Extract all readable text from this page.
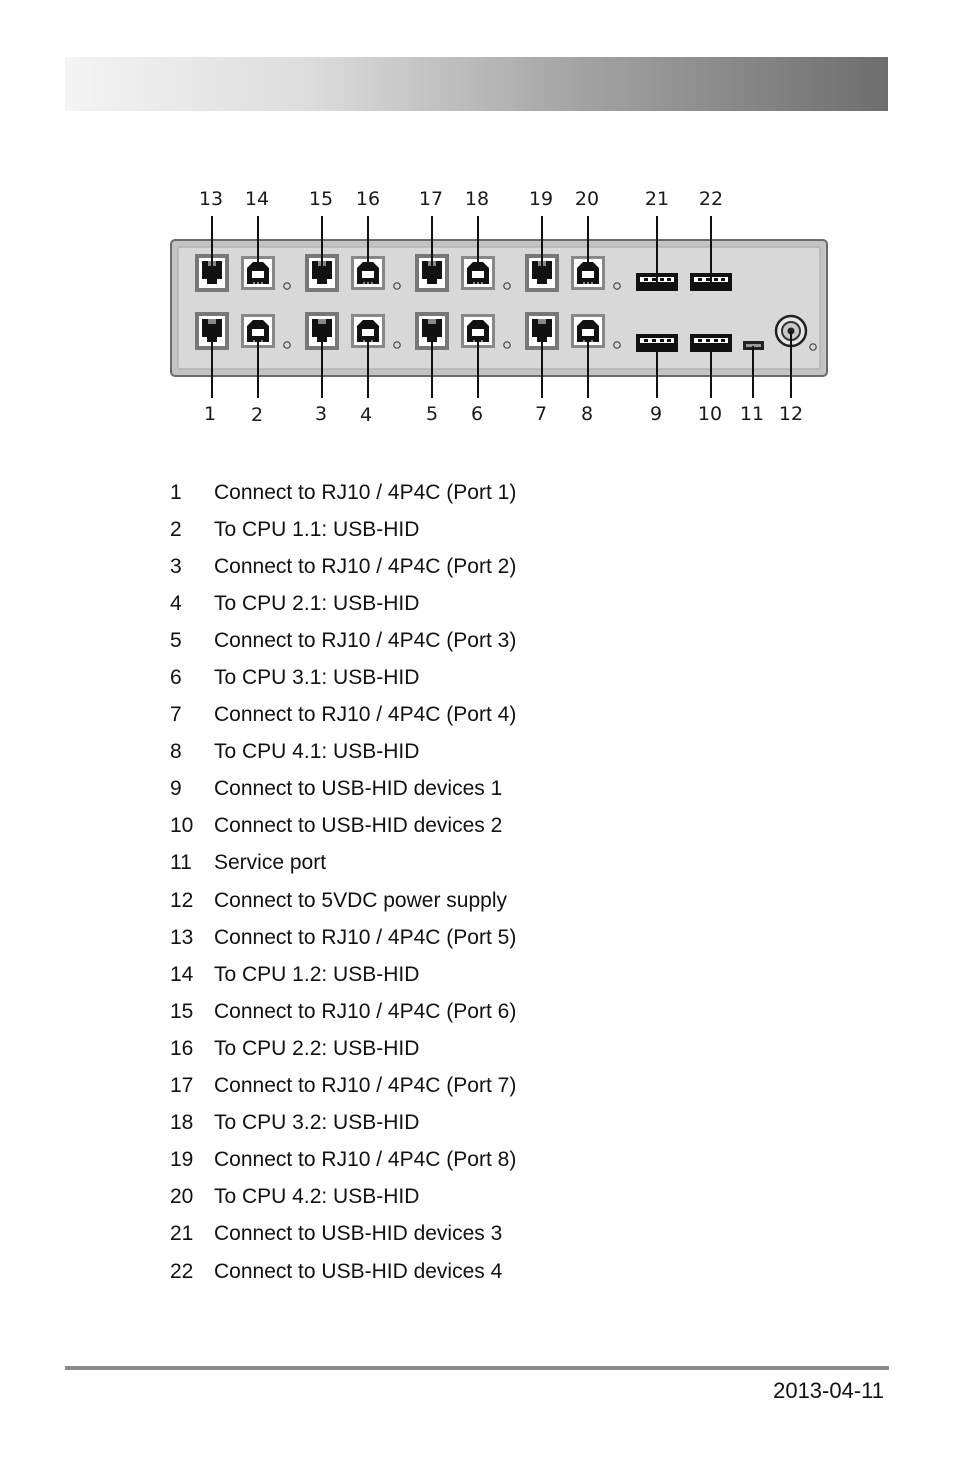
13 14 15 16 17 18 19 20 21 22
1 2	3 4	5 6	7 8	9 10 11 12
1	Connect to RJ10 / 4P4C (Port 1)
2	To CPU 1.1: USB-HID
3	Connect to RJ10 / 4P4C (Port 2)
4	To CPU 2.1: USB-HID
5	Connect to RJ10 / 4P4C (Port 3)
6	To CPU 3.1: USB-HID
7	Connect to RJ10 / 4P4C (Port 4)
8	To CPU 4.1: USB-HID
9	Connect to USB-HID devices 1
10 Connect to USB-HID devices 2
11	Service port
12 Connect to 5VDC power supply
13 Connect to RJ10 / 4P4C (Port 5)
14 To CPU 1.2: USB-HID
15 Connect to RJ10 / 4P4C (Port 6)
16 To CPU 2.2: USB-HID
17 Connect to RJ10 / 4P4C (Port 7)
18 To CPU 3.2: USB-HID
19 Connect to RJ10 / 4P4C (Port 8)
20 To CPU 4.2: USB-HID
21 Connect to USB-HID devices 3
22 Connect to USB-HID devices 4
2013-04-11
